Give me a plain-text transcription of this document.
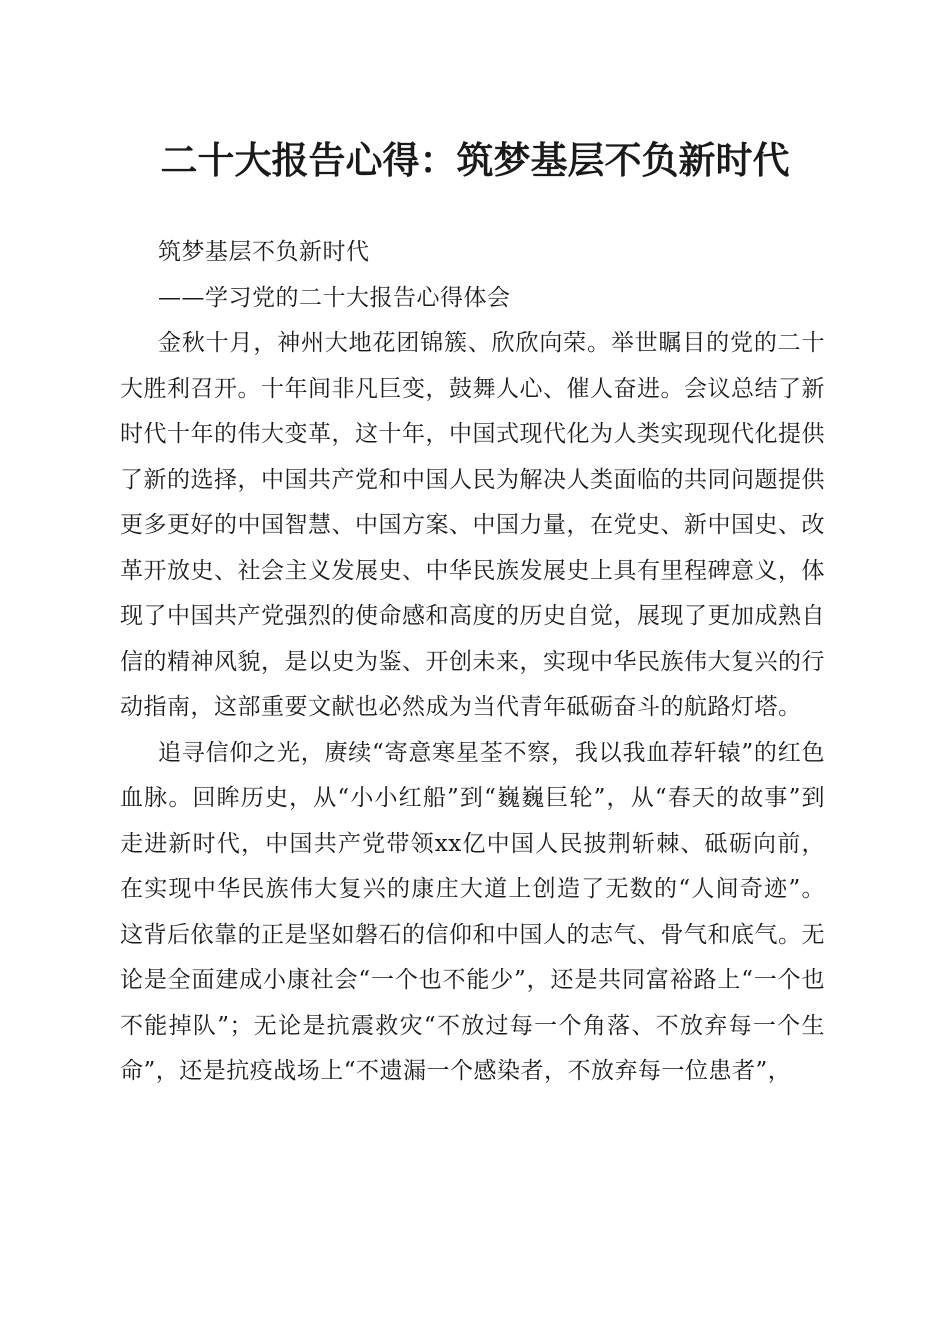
二十大报告心得：筑梦基层不负新时代

筑梦基层不负新时代

——学习党的二十大报告心得体会

金秋十月，神州大地花团锦簇、欣欣向荣。举世瞩目的党的二十大胜利召开。十年间非凡巨变，鼓舞人心、催人奋进。会议总结了新时代十年的伟大变革，这十年，中国式现代化为人类实现现代化提供了新的选择，中国共产党和中国人民为解决人类面临的共同问题提供更多更好的中国智慧、中国方案、中国力量，在党史、新中国史、改革开放史、社会主义发展史、中华民族发展史上具有里程碑意义，体现了中国共产党强烈的使命感和高度的历史自觉，展现了更加成熟自信的精神风貌，是以史为鉴、开创未来，实现中华民族伟大复兴的行动指南，这部重要文献也必然成为当代青年砥砺奋斗的航路灯塔。

追寻信仰之光，赓续“寄意寒星荃不察，我以我血荐轩辕”的红色血脉。回眸历史，从“小小红船”到“巍巍巨轮”，从“春天的故事”到走进新时代，中国共产党带领xx亿中国人民披荆斩棘、砥砺向前，在实现中华民族伟大复兴的康庄大道上创造了无数的“人间奇迹”。这背后依靠的正是坚如磐石的信仰和中国人的志气、骨气和底气。无论是全面建成小康社会“一个也不能少”，还是共同富裕路上“一个也不能掉队”；无论是抗震救灾“不放过每一个角落、不放弃每一个生命”，还是抗疫战场上“不遗漏一个感染者，不放弃每一位患者”，
